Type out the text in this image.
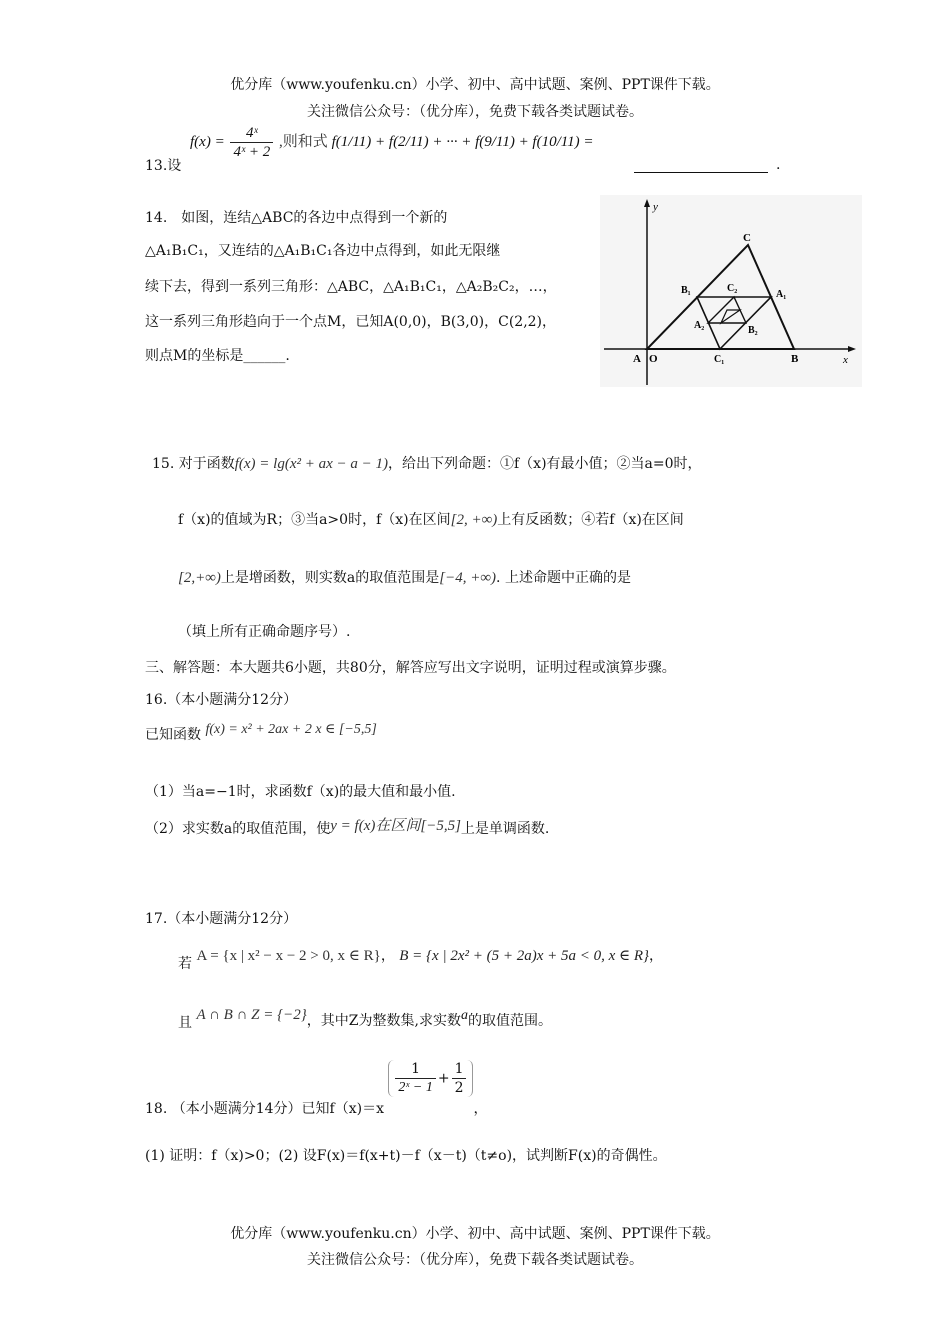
优分库（www.youfenku.cn）小学、初中、高中试题、案例、PPT课件下载。
关注微信公众号：（优分库），免费下载各类试题试卷。
13.设
$f(x) = \frac{\text{4ˣ}}{\text{4ˣ + 2}}$ ,则和式 f(1/11) + f(2/11) + ··· + f(9/11) + f(10/11) =
.
14.　如图，连结△ABC的各边中点得到一个新的
△A₁B₁C₁，又连结的△A₁B₁C₁各边中点得到，如此无限继
续下去，得到一系列三角形：△ABC，△A₁B₁C₁，△A₂B₂C₂，…，
这一系列三角形趋向于一个点M，已知A(0,0)，B(3,0)，C(2,2)，
则点M的坐标是______.
y
x
C
B₁	C₂
A₁
A₂	B₂
A O	C₁	B
15. 对于函数f(x) = lg(x² + ax − a − 1)，给出下列命题：①f（x)有最小值；②当a=0时，
f（x)的值域为R；③当a>0时，f（x)在区间[2, +∞)上有反函数；④若f（x)在区间
[2,+∞)上是增函数，则实数a的取值范围是[−4, +∞). 上述命题中正确的是
（填上所有正确命题序号）.
三、解答题：本大题共6小题，共80分，解答应写出文字说明，证明过程或演算步骤。
16.（本小题满分12分）
已知函数 f(x) = x² + 2ax + 2 x ∈ [−5,5]
（1）当a=−1时，求函数f（x)的最大值和最小值.
（2）求实数a的取值范围，使y = f(x)在区间[−5,5]上是单调函数.
17.（本小题满分12分）
若 A = {x | x² − x − 2 > 0, x ∈ R}， B = {x | 2x² + (5 + 2a)x + 5a < 0, x ∈ R}，
且 A ∩ B ∩ Z = {−2}，其中Z为整数集,求实数a的取值范围。
18. （本小题满分14分）已知f（x)＝x
$\frac{1}{\text{2ˣ − 1}} + \frac{1}{2}$
，
(1) 证明：f（x)>0；(2) 设F(x)＝f(x+t)－f（x－t)（t≠o)，试判断F(x)的奇偶性。
优分库（www.youfenku.cn）小学、初中、高中试题、案例、PPT课件下载。
关注微信公众号：（优分库），免费下载各类试题试卷。
